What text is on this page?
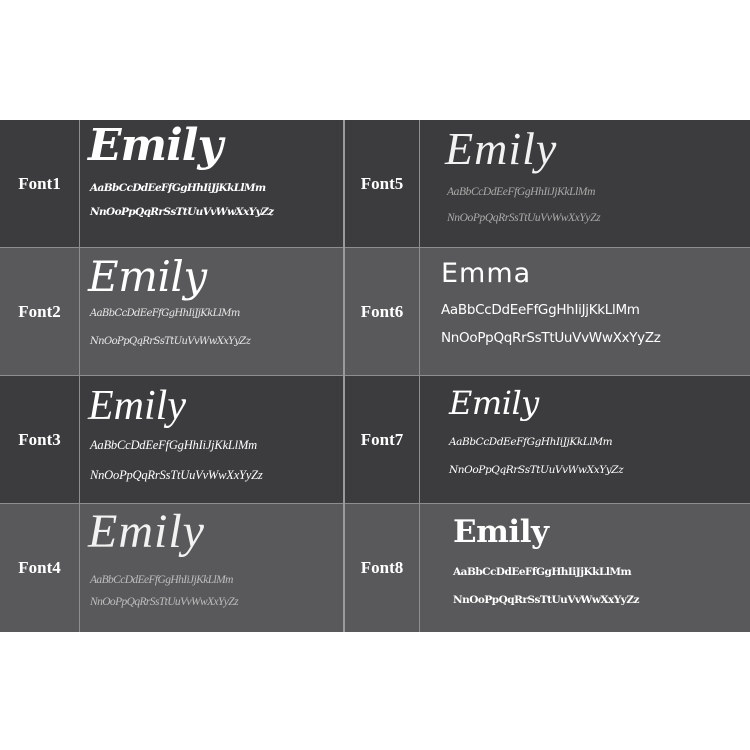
Font1
Emily
AaBbCcDdEeFfGgHhIiJjKkLlMm
NnOoPpQqRrSsTtUuVvWwXxYyZz
Font2
Emily
AaBbCcDdEeFfGgHhIiJjKkLlMm
NnOoPpQqRrSsTtUuVvWwXxYyZz
Font3
Emily
AaBbCcDdEeFfGgHhIiJjKkLlMm
NnOoPpQqRrSsTtUuVvWwXxYyZz
Font4
Emily
AaBbCcDdEeFfGgHhIiJjKkLlMm
NnOoPpQqRrSsTtUuVvWwXxYyZz
Font5
Emily
AaBbCcDdEeFfGgHhIiJjKkLlMm
NnOoPpQqRrSsTtUuVvWwXxYyZz
Font6
Emma
AaBbCcDdEeFfGgHhIiJjKkLlMm
NnOoPpQqRrSsTtUuVvWwXxYyZz
Font7
Emily
AaBbCcDdEeFfGgHhIiJjKkLlMm
NnOoPpQqRrSsTtUuVvWwXxYyZz
Font8
Emily
AaBbCcDdEeFfGgHhIiJjKkLlMm
NnOoPpQqRrSsTtUuVvWwXxYyZz
